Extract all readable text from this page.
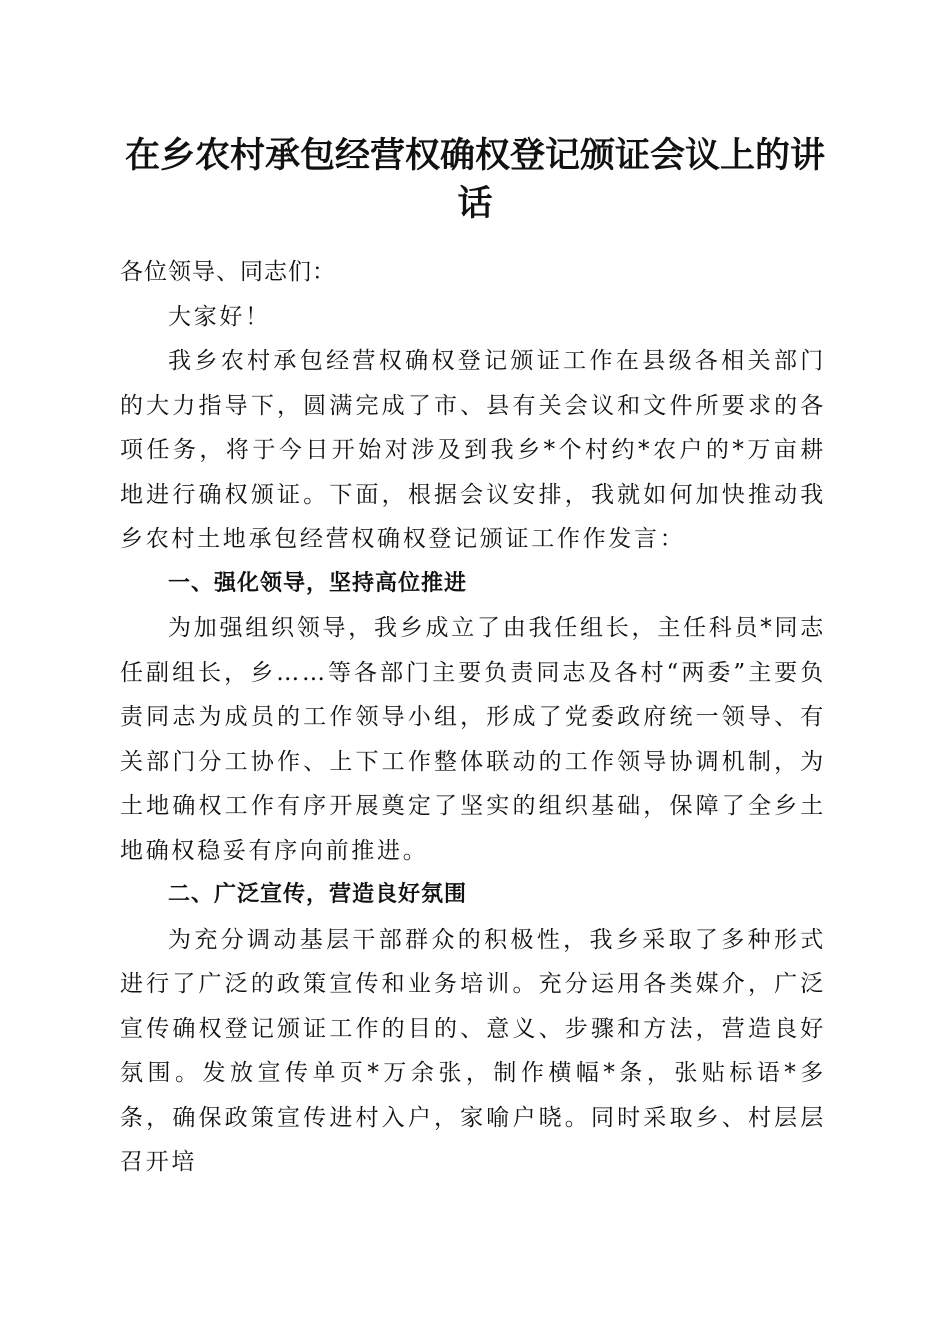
在乡农村承包经营权确权登记颁证会议上的讲话

各位领导、同志们：

大家好！

我乡农村承包经营权确权登记颁证工作在县级各相关部门的大力指导下，圆满完成了市、县有关会议和文件所要求的各项任务，将于今日开始对涉及到我乡*个村约*农户的*万亩耕地进行确权颁证。下面，根据会议安排，我就如何加快推动我乡农村土地承包经营权确权登记颁证工作作发言：

一、强化领导，坚持高位推进

为加强组织领导，我乡成立了由我任组长，主任科员*同志任副组长，乡……等各部门主要负责同志及各村“两委”主要负责同志为成员的工作领导小组，形成了党委政府统一领导、有关部门分工协作、上下工作整体联动的工作领导协调机制，为土地确权工作有序开展奠定了坚实的组织基础，保障了全乡土地确权稳妥有序向前推进。

二、广泛宣传，营造良好氛围

为充分调动基层干部群众的积极性，我乡采取了多种形式进行了广泛的政策宣传和业务培训。充分运用各类媒介，广泛宣传确权登记颁证工作的目的、意义、步骤和方法，营造良好氛围。发放宣传单页*万余张，制作横幅*条，张贴标语*多条，确保政策宣传进村入户，家喻户晓。同时采取乡、村层层召开培
